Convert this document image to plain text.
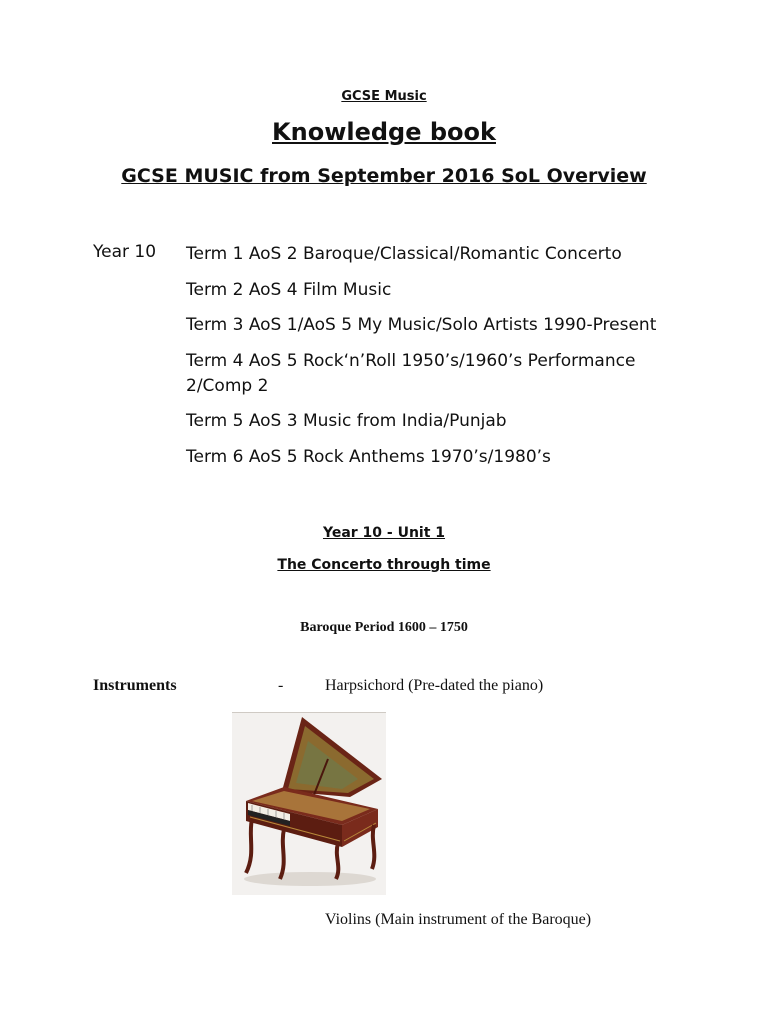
GCSE Music
Knowledge book
GCSE MUSIC from September 2016 SoL Overview
Year 10 Term 1 AoS 2 Baroque/Classical/Romantic Concerto
Term 2 AoS 4 Film Music
Term 3 AoS 1/AoS 5 My Music/Solo Artists 1990-Present
Term 4 AoS 5 Rock‘n’Roll 1950’s/1960’s Performance 2/Comp 2
Term 5 AoS 3 Music from India/Punjab
Term 6 AoS 5 Rock Anthems 1970’s/1980’s
Year 10 - Unit 1
The Concerto through time
Baroque Period 1600 – 1750
Instruments	-	Harpsichord (Pre-dated the piano)
Violins (Main instrument of the Baroque)
